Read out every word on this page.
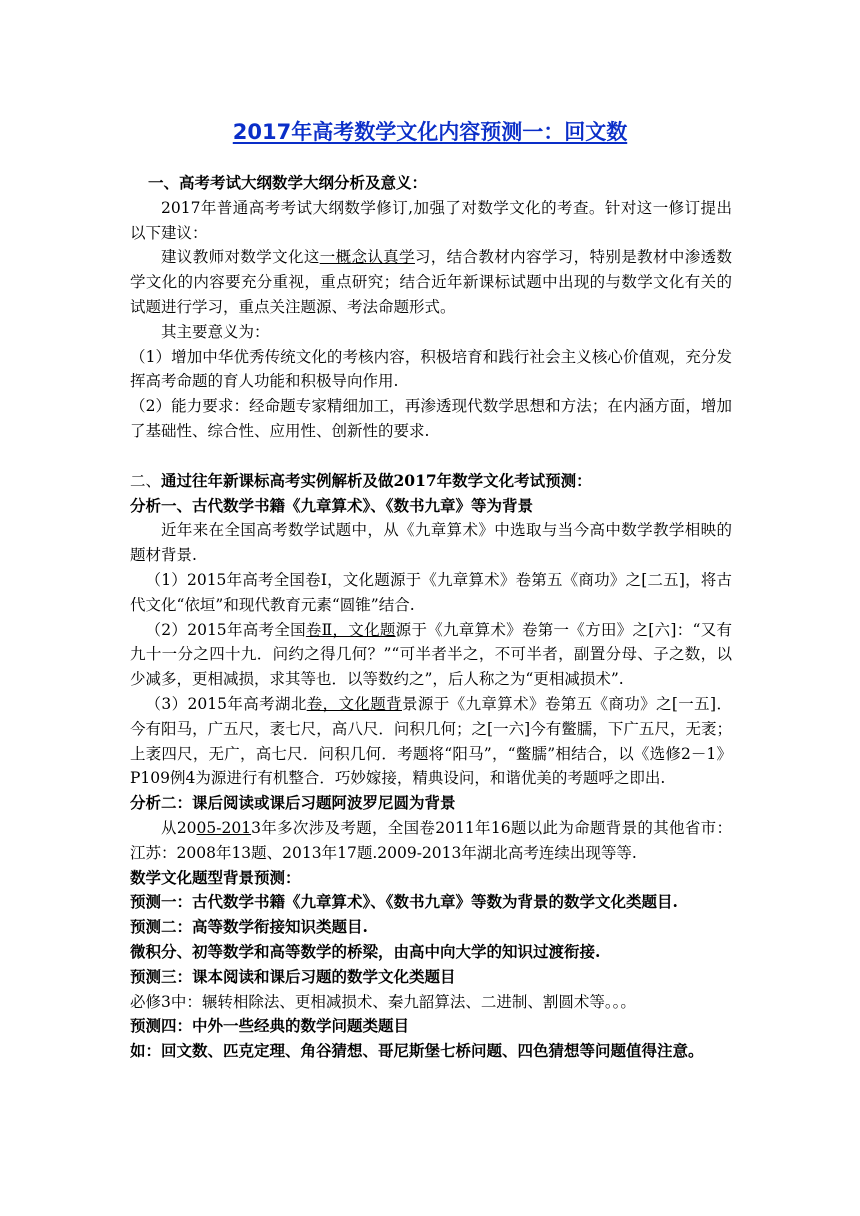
2017年高考数学文化内容预测一：回文数

一、高考考试大纲数学大纲分析及意义：

2017年普通高考考试大纲数学修订,加强了对数学文化的考查。针对这一修订提出以下建议：

建议教师对数学文化这一概念认真学习，结合教材内容学习，特别是教材中渗透数学文化的内容要充分重视，重点研究；结合近年新课标试题中出现的与数学文化有关的试题进行学习，重点关注题源、考法命题形式。

其主要意义为：

（1）增加中华优秀传统文化的考核内容，积极培育和践行社会主义核心价值观，充分发挥高考命题的育人功能和积极导向作用.

（2）能力要求：经命题专家精细加工，再渗透现代数学思想和方法；在内涵方面，增加了基础性、综合性、应用性、创新性的要求.

二、通过往年新课标高考实例解析及做2017年数学文化考试预测：

分析一、古代数学书籍《九章算术》、《数书九章》等为背景

近年来在全国高考数学试题中，从《九章算术》中选取与当今高中数学教学相映的题材背景.

（1）2015年高考全国卷Ⅰ，文化题源于《九章算术》卷第五《商功》之[二五]，将古代文化“依垣”和现代教育元素“圆锥”结合.

（2）2015年高考全国卷Ⅱ，文化题源于《九章算术》卷第一《方田》之[六]：“又有九十一分之四十九．问约之得几何？”“可半者半之，不可半者，副置分母、子之数，以少减多，更相减损，求其等也．以等数约之”，后人称之为“更相减损术”.

（3）2015年高考湖北卷，文化题背景源于《九章算术》卷第五《商功》之[一五]．今有阳马，广五尺，袤七尺，高八尺．问积几何；之[一六]今有鳖臑，下广五尺，无袤；上袤四尺，无广，高七尺．问积几何．考题将“阳马”，“鳖臑”相结合，以《选修2－1》P109例4为源进行有机整合．巧妙嫁接，精典设问，和谐优美的考题呼之即出.

分析二：课后阅读或课后习题阿波罗尼圆为背景

从2005-2013年多次涉及考题，全国卷2011年16题以此为命题背景的其他省市：江苏：2008年13题、2013年17题.2009-2013年湖北高考连续出现等等.

数学文化题型背景预测：

预测一：古代数学书籍《九章算术》、《数书九章》等数为背景的数学文化类题目.

预测二：高等数学衔接知识类题目.

微积分、初等数学和高等数学的桥梁，由高中向大学的知识过渡衔接.

预测三：课本阅读和课后习题的数学文化类题目

必修3中：辗转相除法、更相减损术、秦九韶算法、二进制、割圆术等。。。

预测四：中外一些经典的数学问题类题目

如：回文数、匹克定理、角谷猜想、哥尼斯堡七桥问题、四色猜想等问题值得注意。
